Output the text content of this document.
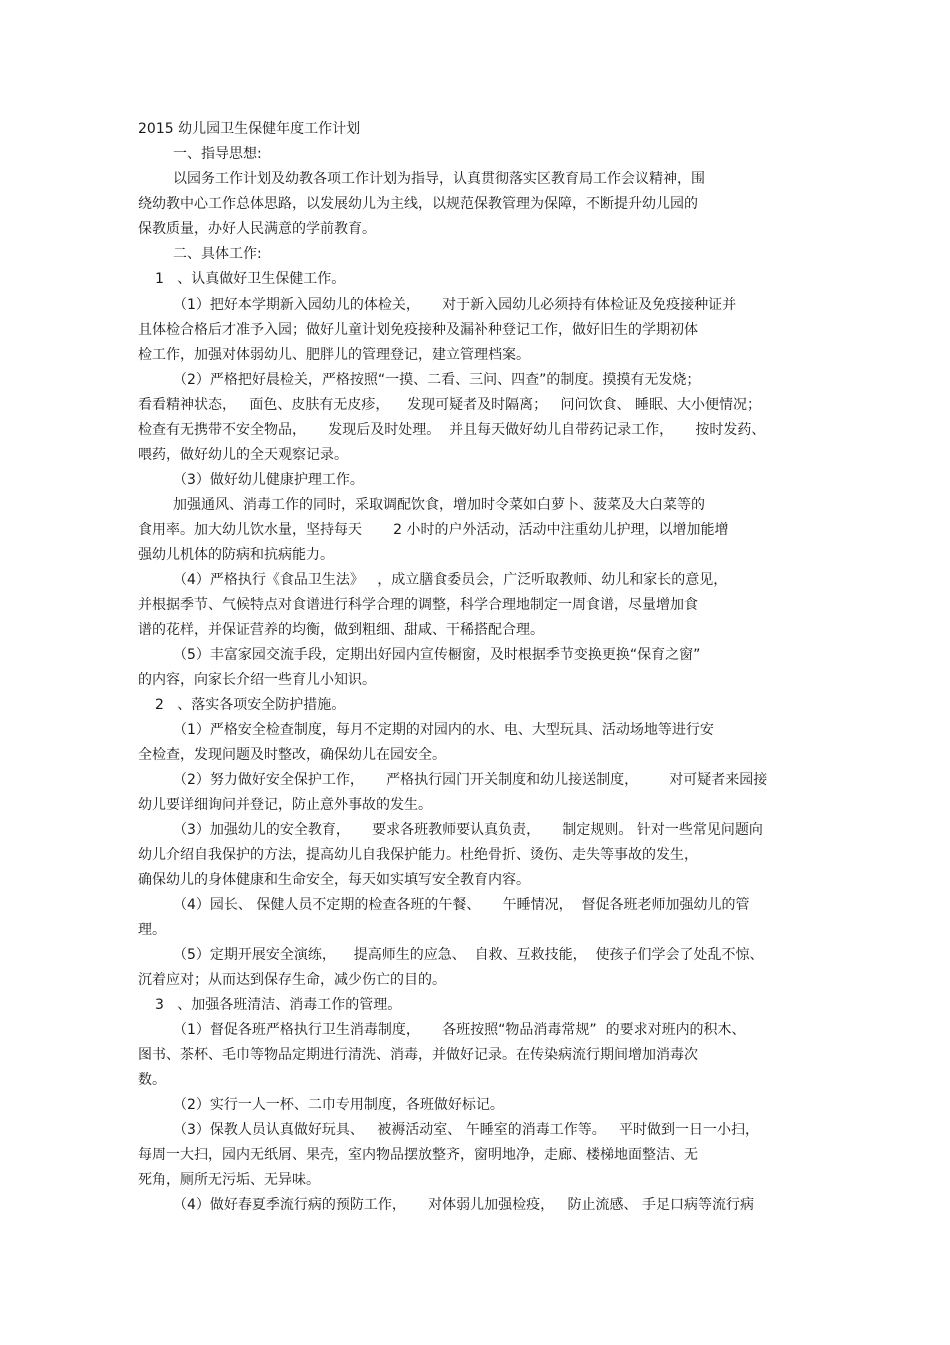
2015 幼儿园卫生保健年度工作计划
一、指导思想:
以园务工作计划及幼教各项工作计划为指导，认真贯彻落实区教育局工作会议精神，围
绕幼教中心工作总体思路，以发展幼儿为主线，以规范保教管理为保障，不断提升幼儿园的
保教质量，办好人民满意的学前教育。
二、具体工作:
1   、认真做好卫生保健工作。
（1）把好本学期新入园幼儿的体检关，     对于新入园幼儿必须持有体检证及免疫接种证并
且体检合格后才准予入园；做好儿童计划免疫接种及漏补种登记工作，做好旧生的学期初体
检工作，加强对体弱幼儿、肥胖儿的管理登记，建立管理档案。
（2）严格把好晨检关，严格按照“一摸、二看、三问、四查”的制度。摸摸有无发烧；
看看精神状态，   面色、皮肤有无皮疹，    发现可疑者及时隔离；   问问饮食、 睡眠、大小便情况；
检查有无携带不安全物品，     发现后及时处理。  并且每天做好幼儿自带药记录工作，     按时发药、
喂药，做好幼儿的全天观察记录。
（3）做好幼儿健康护理工作。
加强通风、消毒工作的同时，采取调配饮食，增加时令菜如白萝卜、菠菜及大白菜等的
食用率。加大幼儿饮水量，坚持每天       2 小时的户外活动，活动中注重幼儿护理，以增加能增
强幼儿机体的防病和抗病能力。
（4）严格执行《食品卫生法》   ，成立膳食委员会，广泛听取教师、幼儿和家长的意见，
并根据季节、气候特点对食谱进行科学合理的调整，科学合理地制定一周食谱，尽量增加食
谱的花样，并保证营养的均衡，做到粗细、甜咸、干稀搭配合理。
（5）丰富家园交流手段，定期出好园内宣传橱窗，及时根据季节变换更换“保育之窗”
的内容，向家长介绍一些育儿小知识。
2   、落实各项安全防护措施。
（1）严格安全检查制度，每月不定期的对园内的水、电、大型玩具、活动场地等进行安
全检查，发现问题及时整改，确保幼儿在园安全。
（2）努力做好安全保护工作，     严格执行园门开关制度和幼儿接送制度，       对可疑者来园接
幼儿要详细询问并登记，防止意外事故的发生。
（3）加强幼儿的安全教育，     要求各班教师要认真负责，     制定规则。 针对一些常见问题向
幼儿介绍自我保护的方法，提高幼儿自我保护能力。杜绝骨折、烫伤、走失等事故的发生，
确保幼儿的身体健康和生命安全，每天如实填写安全教育内容。
（4）园长、 保健人员不定期的检查各班的午餐、     午睡情况，  督促各班老师加强幼儿的管
理。
（5）定期开展安全演练，    提高师生的应急、  自救、互救技能，  使孩子们学会了处乱不惊、
沉着应对；从而达到保存生命，减少伤亡的目的。
3   、加强各班清洁、消毒工作的管理。
（1）督促各班严格执行卫生消毒制度，     各班按照“物品消毒常规”  的要求对班内的积木、
图书、茶杯、毛巾等物品定期进行清洗、消毒，并做好记录。在传染病流行期间增加消毒次
数。
（2）实行一人一杯、二巾专用制度，各班做好标记。
（3）保教人员认真做好玩具、   被褥活动室、 午睡室的消毒工作等。   平时做到一日一小扫，
每周一大扫，园内无纸屑、果壳，室内物品摆放整齐，窗明地净，走廊、楼梯地面整洁、无
死角，厕所无污垢、无异味。
（4）做好春夏季流行病的预防工作，     对体弱儿加强检疫，   防止流感、 手足口病等流行病
